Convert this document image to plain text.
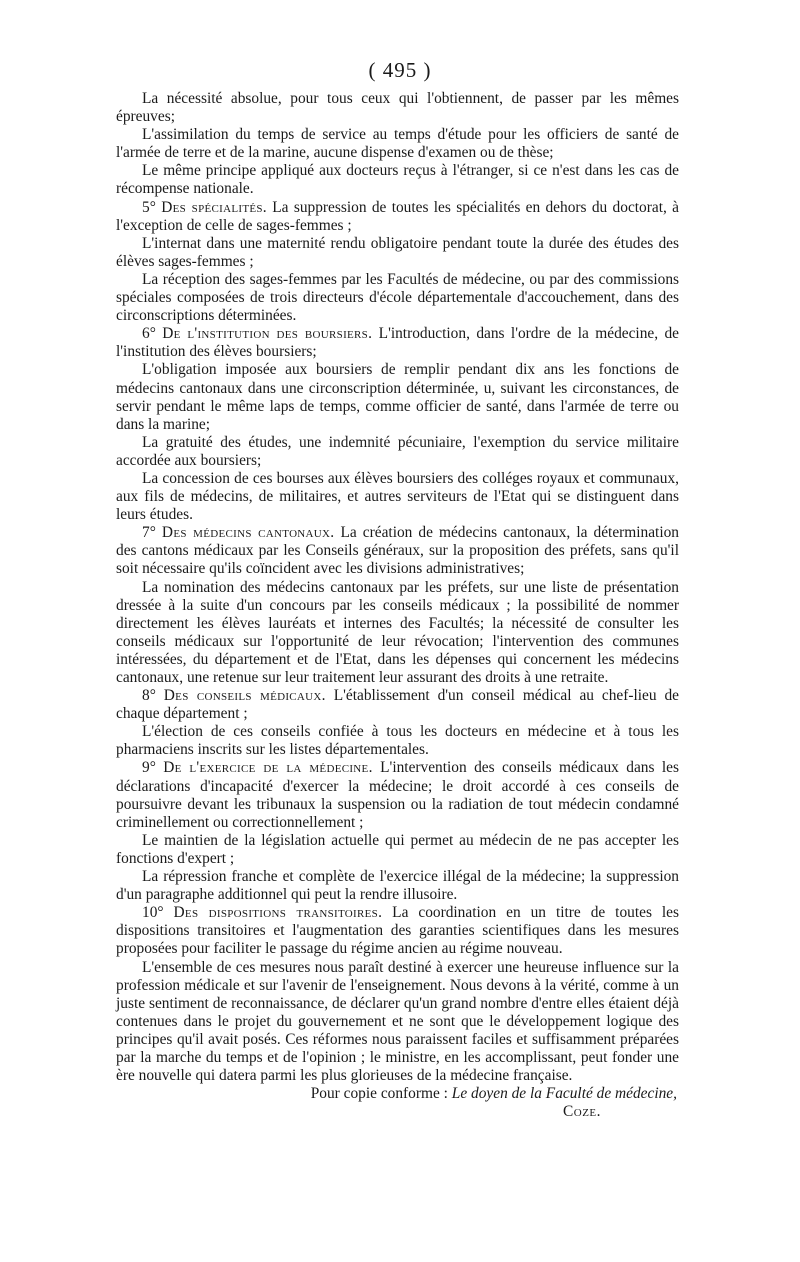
( 495 )

La nécessité absolue, pour tous ceux qui l'obtiennent, de passer par les mêmes épreuves;

L'assimilation du temps de service au temps d'étude pour les officiers de santé de l'armée de terre et de la marine, aucune dispense d'examen ou de thèse;

Le même principe appliqué aux docteurs reçus à l'étranger, si ce n'est dans les cas de récompense nationale.

5° Des spécialités. La suppression de toutes les spécialités en dehors du doctorat, à l'exception de celle de sages-femmes ;

L'internat dans une maternité rendu obligatoire pendant toute la durée des études des élèves sages-femmes ;

La réception des sages-femmes par les Facultés de médecine, ou par des commissions spéciales composées de trois directeurs d'école départementale d'accouchement, dans des circonscriptions déterminées.

6° De l'institution des boursiers. L'introduction, dans l'ordre de la médecine, de l'institution des élèves boursiers;

L'obligation imposée aux boursiers de remplir pendant dix ans les fonctions de médecins cantonaux dans une circonscription déterminée, u, suivant les circonstances, de servir pendant le même laps de temps, comme officier de santé, dans l'armée de terre ou dans la marine;

La gratuité des études, une indemnité pécuniaire, l'exemption du service militaire accordée aux boursiers;

La concession de ces bourses aux élèves boursiers des colléges royaux et communaux, aux fils de médecins, de militaires, et autres serviteurs de l'Etat qui se distinguent dans leurs études.

7° Des médecins cantonaux. La création de médecins cantonaux, la détermination des cantons médicaux par les Conseils généraux, sur la proposition des préfets, sans qu'il soit nécessaire qu'ils coïncident avec les divisions administratives;

La nomination des médecins cantonaux par les préfets, sur une liste de présentation dressée à la suite d'un concours par les conseils médicaux ; la possibilité de nommer directement les élèves lauréats et internes des Facultés; la nécessité de consulter les conseils médicaux sur l'opportunité de leur révocation; l'intervention des communes intéressées, du département et de l'Etat, dans les dépenses qui concernent les médecins cantonaux, une retenue sur leur traitement leur assurant des droits à une retraite.

8° Des conseils médicaux. L'établissement d'un conseil médical au chef-lieu de chaque département ;

L'élection de ces conseils confiée à tous les docteurs en médecine et à tous les pharmaciens inscrits sur les listes départementales.

9° De l'exercice de la médecine. L'intervention des conseils médicaux dans les déclarations d'incapacité d'exercer la médecine; le droit accordé à ces conseils de poursuivre devant les tribunaux la suspension ou la radiation de tout médecin condamné criminellement ou correctionnellement ;

Le maintien de la législation actuelle qui permet au médecin de ne pas accepter les fonctions d'expert ;

La répression franche et complète de l'exercice illégal de la médecine; la suppression d'un paragraphe additionnel qui peut la rendre illusoire.

10° Des dispositions transitoires. La coordination en un titre de toutes les dispositions transitoires et l'augmentation des garanties scientifiques dans les mesures proposées pour faciliter le passage du régime ancien au régime nouveau.

L'ensemble de ces mesures nous paraît destiné à exercer une heureuse influence sur la profession médicale et sur l'avenir de l'enseignement. Nous devons à la vérité, comme à un juste sentiment de reconnaissance, de déclarer qu'un grand nombre d'entre elles étaient déjà contenues dans le projet du gouvernement et ne sont que le développement logique des principes qu'il avait posés. Ces réformes nous paraissent faciles et suffisamment préparées par la marche du temps et de l'opinion ; le ministre, en les accomplissant, peut fonder une ère nouvelle qui datera parmi les plus glorieuses de la médecine française.

Pour copie conforme : Le doyen de la Faculté de médecine,
Coze.
